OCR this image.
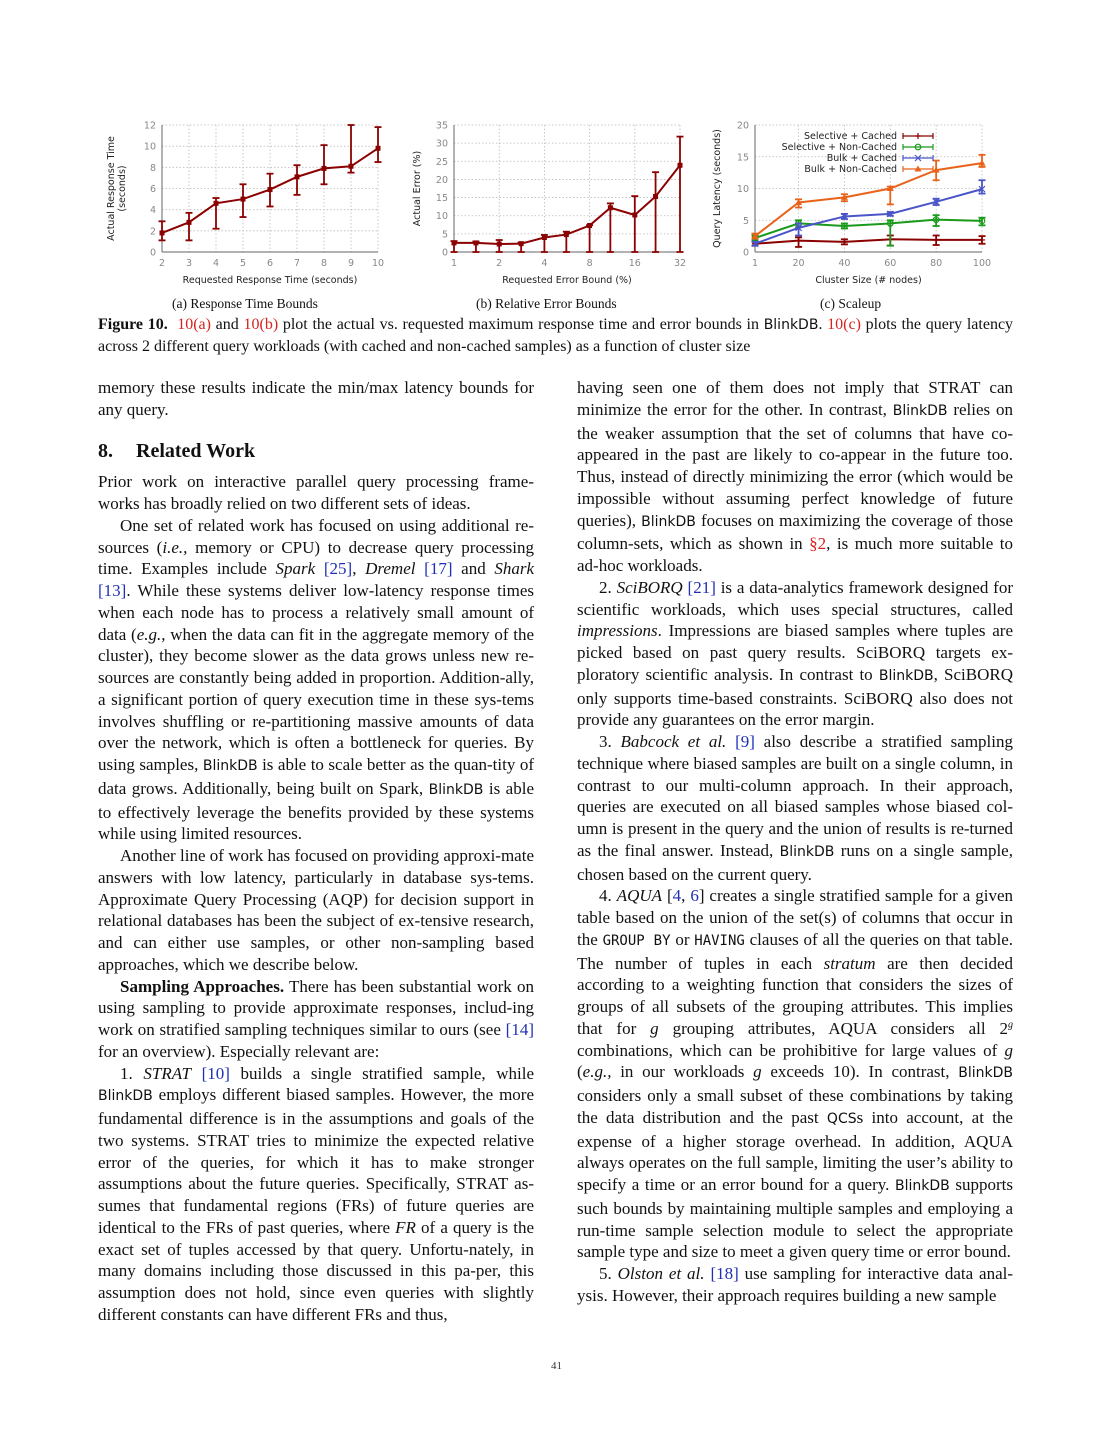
0
2
4
6
8
10
12
2 3 4 5 6 7 8 9 10
Requested Response Time (seconds)
Actual Response Time (seconds)
0
5
10
15
20
25
30
35
1	2	4	8	16	32
Requested Error Bound (%)
Actual Error (%)
0
5
10
15
20
1	20	40	60	80	100
Cluster Size (# nodes)
Query Latency (seconds)	Selective + Cached
Selective + Non-Cached
Bulk + Cached
Bulk + Non-Cached
(a) Response Time Bounds	(b) Relative Error Bounds	(c) Scaleup
Figure 10. 10(a) and 10(b) plot the actual vs. requested maximum response time and error bounds in BlinkDB. 10(c) plots the query latency across 2 different query workloads (with cached and non-cached samples) as a function of cluster size

memory these results indicate the min/max latency bounds for any query.

8. Related Work

Prior work on interactive parallel query processing frame-works has broadly relied on two different sets of ideas.

One set of related work has focused on using additional re-sources (i.e., memory or CPU) to decrease query processing time. Examples include Spark [25], Dremel [17] and Shark [13]. While these systems deliver low-latency response times when each node has to process a relatively small amount of data (e.g., when the data can fit in the aggregate memory of the cluster), they become slower as the data grows unless new re-sources are constantly being added in proportion. Addition-ally, a significant portion of query execution time in these sys-tems involves shuffling or re-partitioning massive amounts of data over the network, which is often a bottleneck for queries. By using samples, BlinkDB is able to scale better as the quan-tity of data grows. Additionally, being built on Spark, BlinkDB is able to effectively leverage the benefits provided by these systems while using limited resources.

Another line of work has focused on providing approxi-mate answers with low latency, particularly in database sys-tems. Approximate Query Processing (AQP) for decision support in relational databases has been the subject of ex-tensive research, and can either use samples, or other non-sampling based approaches, which we describe below.

Sampling Approaches. There has been substantial work on using sampling to provide approximate responses, includ-ing work on stratified sampling techniques similar to ours (see [14] for an overview). Especially relevant are:

1. STRAT [10] builds a single stratified sample, while BlinkDB employs different biased samples. However, the more fundamental difference is in the assumptions and goals of the two systems. STRAT tries to minimize the expected relative error of the queries, for which it has to make stronger assumptions about the future queries. Specifically, STRAT as-sumes that fundamental regions (FRs) of future queries are identical to the FRs of past queries, where FR of a query is the exact set of tuples accessed by that query. Unfortu-nately, in many domains including those discussed in this pa-per, this assumption does not hold, since even queries with slightly different constants can have different FRs and thus,

having seen one of them does not imply that STRAT can minimize the error for the other. In contrast, BlinkDB relies on the weaker assumption that the set of columns that have co-appeared in the past are likely to co-appear in the future too. Thus, instead of directly minimizing the error (which would be impossible without assuming perfect knowledge of future queries), BlinkDB focuses on maximizing the coverage of those column-sets, which as shown in §2, is much more suitable to ad-hoc workloads.

2. SciBORQ [21] is a data-analytics framework designed for scientific workloads, which uses special structures, called impressions. Impressions are biased samples where tuples are picked based on past query results. SciBORQ targets ex-ploratory scientific analysis. In contrast to BlinkDB, SciBORQ only supports time-based constraints. SciBORQ also does not provide any guarantees on the error margin.

3. Babcock et al. [9] also describe a stratified sampling technique where biased samples are built on a single column, in contrast to our multi-column approach. In their approach, queries are executed on all biased samples whose biased col-umn is present in the query and the union of results is re-turned as the final answer. Instead, BlinkDB runs on a single sample, chosen based on the current query.

4. AQUA [4, 6] creates a single stratified sample for a given table based on the union of the set(s) of columns that occur in the GROUP BY or HAVING clauses of all the queries on that table. The number of tuples in each stratum are then decided according to a weighting function that considers the sizes of groups of all subsets of the grouping attributes. This implies that for g grouping attributes, AQUA considers all 2$^g$ combinations, which can be prohibitive for large values of g (e.g., in our workloads g exceeds 10). In contrast, BlinkDB considers only a small subset of these combinations by taking the data distribution and the past QCSs into account, at the expense of a higher storage overhead. In addition, AQUA always operates on the full sample, limiting the user’s ability to specify a time or an error bound for a query. BlinkDB supports such bounds by maintaining multiple samples and employing a run-time sample selection module to select the appropriate sample type and size to meet a given query time or error bound.

5. Olston et al. [18] use sampling for interactive data anal-ysis. However, their approach requires building a new sample

41
